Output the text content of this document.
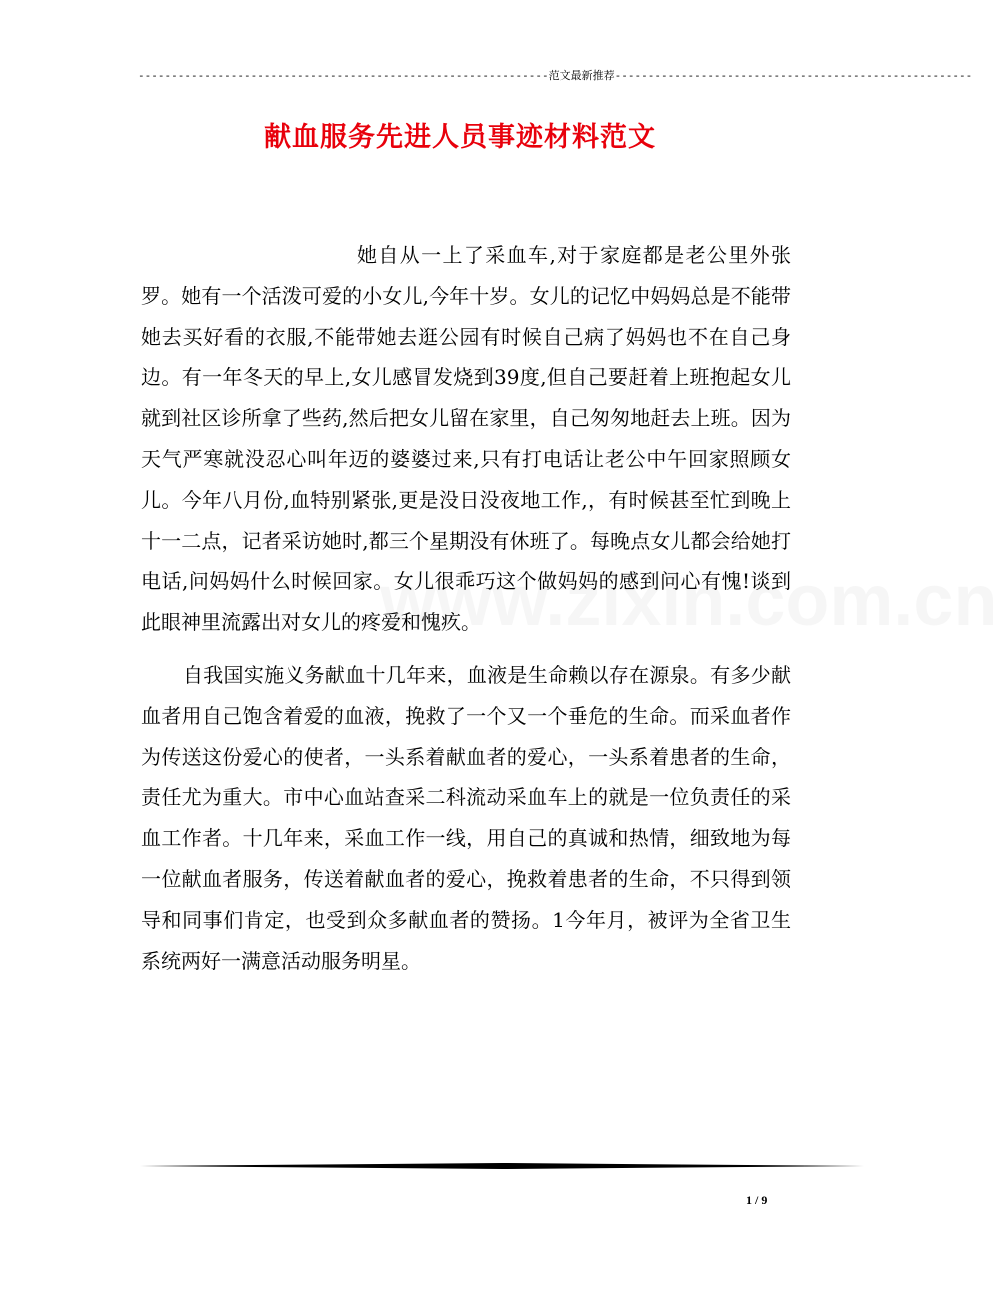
--------------------------------------------------------------范文最新推荐------------------------------------------------------
献血服务先进人员事迹材料范文

她自从一上了采血车,对于家庭都是老公里外张罗。她有一个活泼可爱的小女儿,今年十岁。女儿的记忆中妈妈总是不能带她去买好看的衣服,不能带她去逛公园有时候自己病了妈妈也不在自己身边。有一年冬天的早上,女儿感冒发烧到39度,但自己要赶着上班抱起女儿就到社区诊所拿了些药,然后把女儿留在家里，自己匆匆地赶去上班。因为天气严寒就没忍心叫年迈的婆婆过来,只有打电话让老公中午回家照顾女儿。今年八月份,血特别紧张,更是没日没夜地工作,，有时候甚至忙到晚上十一二点，记者采访她时,都三个星期没有休班了。每晚点女儿都会给她打电话,问妈妈什么时候回家。女儿很乖巧这个做妈妈的感到问心有愧!谈到此眼神里流露出对女儿的疼爱和愧疚。

自我国实施义务献血十几年来，血液是生命赖以存在源泉。有多少献血者用自己饱含着爱的血液，挽救了一个又一个垂危的生命。而采血者作为传送这份爱心的使者，一头系着献血者的爱心，一头系着患者的生命，责任尤为重大。市中心血站查采二科流动采血车上的就是一位负责任的采血工作者。十几年来，采血工作一线，用自己的真诚和热情，细致地为每一位献血者服务，传送着献血者的爱心，挽救着患者的生命，不只得到领导和同事们肯定，也受到众多献血者的赞扬。1今年月，被评为全省卫生系统两好一满意活动服务明星。

1 / 9
